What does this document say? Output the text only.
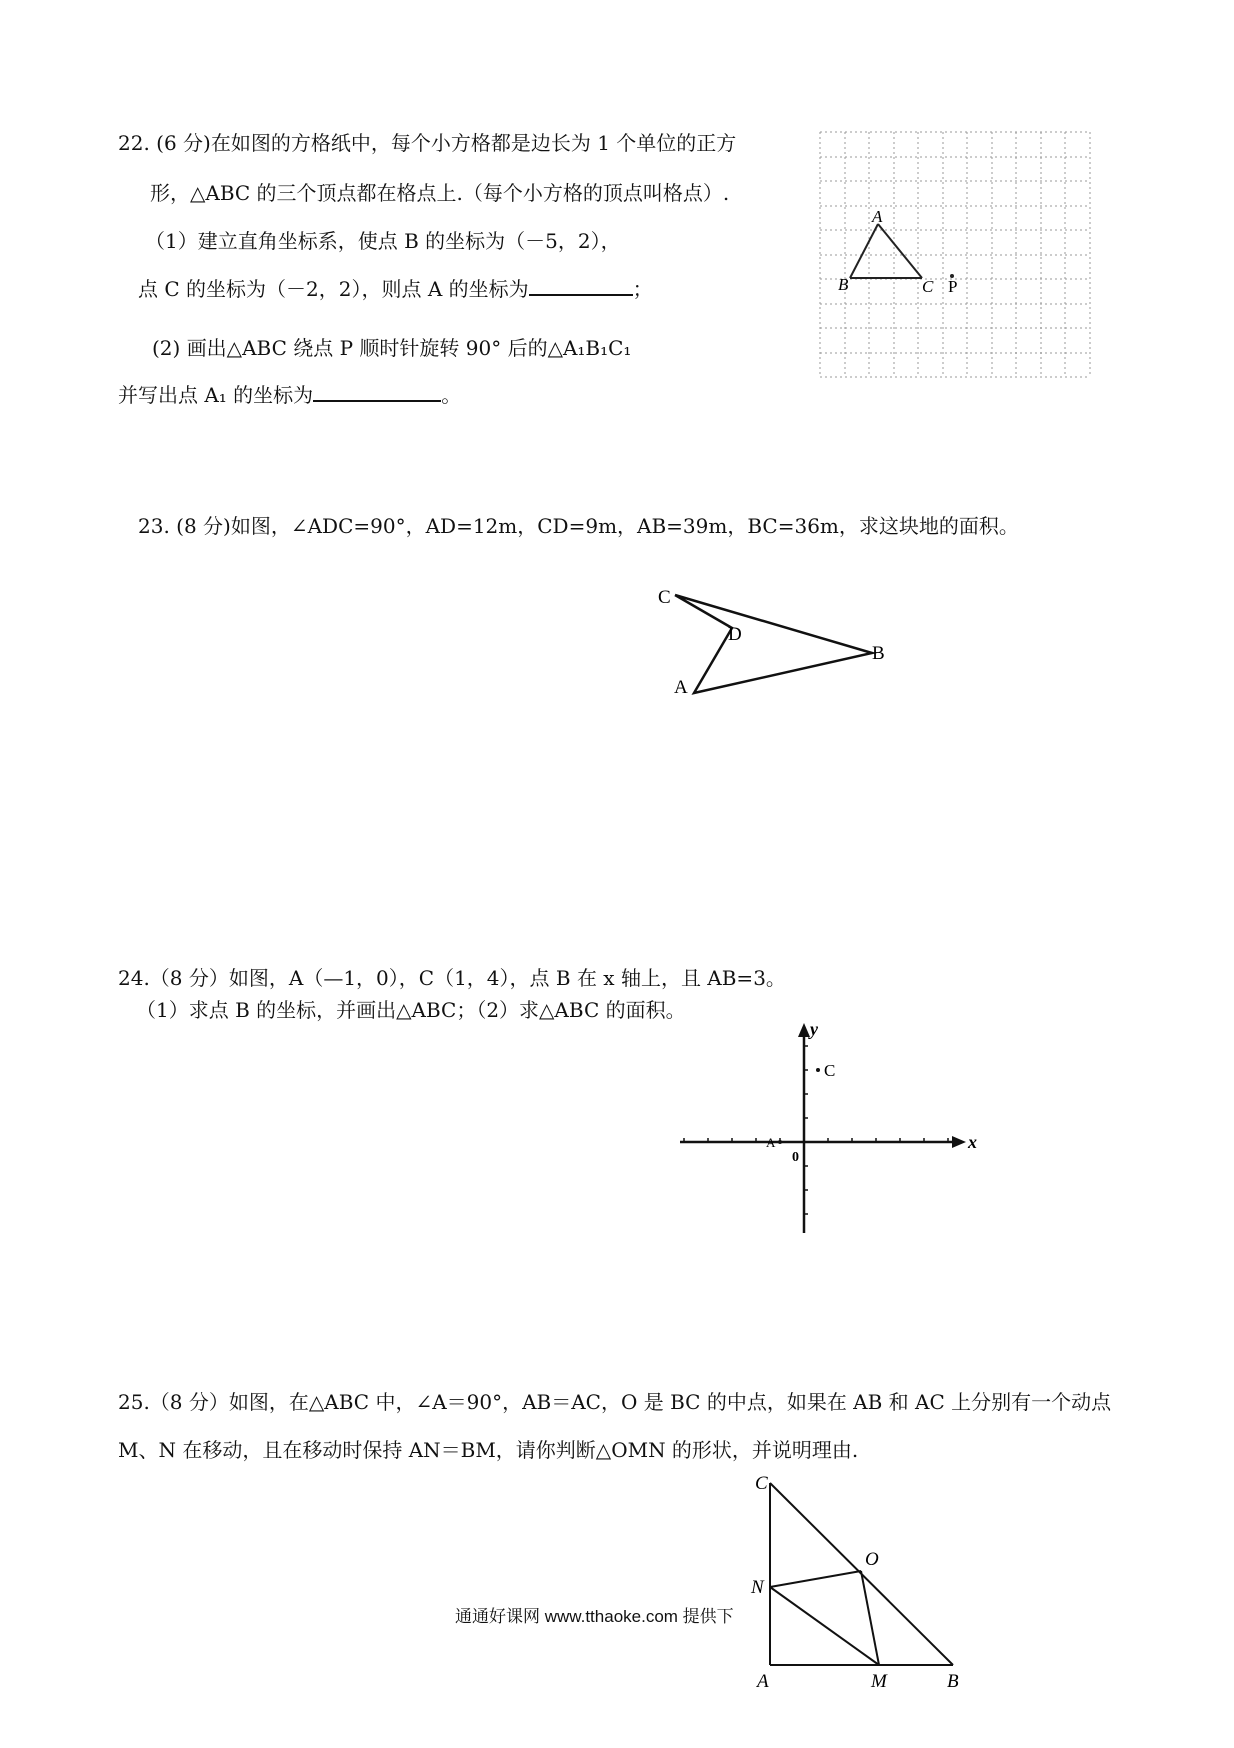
22. (6 分)在如图的方格纸中，每个小方格都是边长为 1 个单位的正方
形，△ABC 的三个顶点都在格点上.（每个小方格的顶点叫格点）.
（1）建立直角坐标系，使点 B 的坐标为（－5，2），
点 C 的坐标为（－2，2），则点 A 的坐标为	；
(2) 画出△ABC 绕点 P 顺时针旋转 90° 后的△A₁B₁C₁
并写出点 A₁ 的坐标为	。
A
B	C P
23. (8 分)如图，∠ADC=90°，AD=12m，CD=9m，AB=39m，BC=36m，求这块地的面积。
C
D
A
B
24.（8 分）如图，A（—1，0），C（1，4），点 B 在 x 轴上，且 AB=3。
（1）求点 B 的坐标，并画出△ABC；（2）求△ABC 的面积。
C
A
0
x
y
25.（8 分）如图，在△ABC 中，∠A＝90°，AB＝AC，O 是 BC 的中点，如果在 AB 和 AC 上分别有一个动点
M、N 在移动，且在移动时保持 AN＝BM，请你判断△OMN 的形状，并说明理由.
C
O
N
A	M	B
通通好课网 www.tthaoke.com 提供下
